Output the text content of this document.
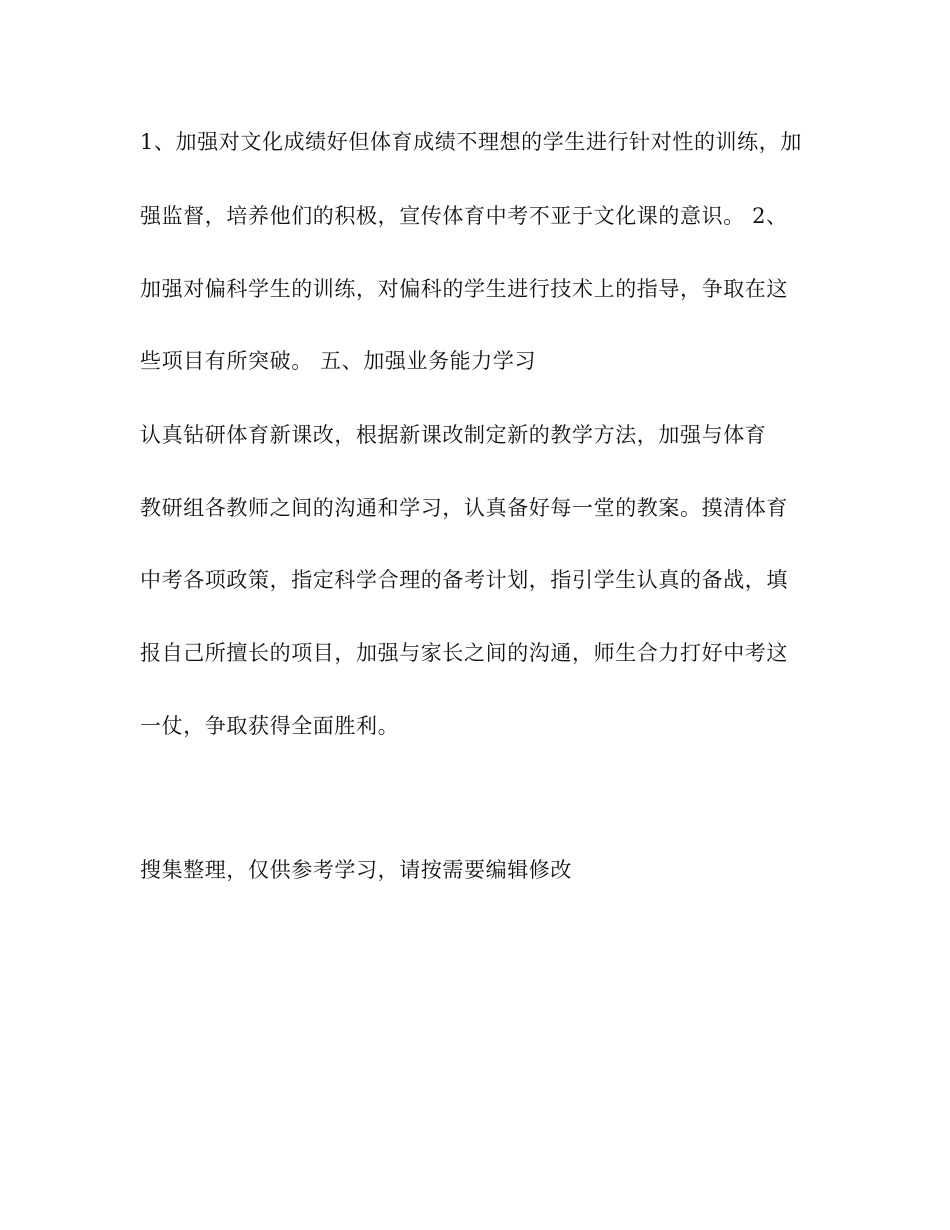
1、加强对文化成绩好但体育成绩不理想的学生进行针对性的训练，加
强监督，培养他们的积极，宣传体育中考不亚于文化课的意识。 2、
加强对偏科学生的训练，对偏科的学生进行技术上的指导，争取在这
些项目有所突破。 五、加强业务能力学习
认真钻研体育新课改，根据新课改制定新的教学方法，加强与体育
教研组各教师之间的沟通和学习，认真备好每一堂的教案。摸清体育
中考各项政策，指定科学合理的备考计划，指引学生认真的备战，填
报自己所擅长的项目，加强与家长之间的沟通，师生合力打好中考这
一仗，争取获得全面胜利。
搜集整理，仅供参考学习，请按需要编辑修改
